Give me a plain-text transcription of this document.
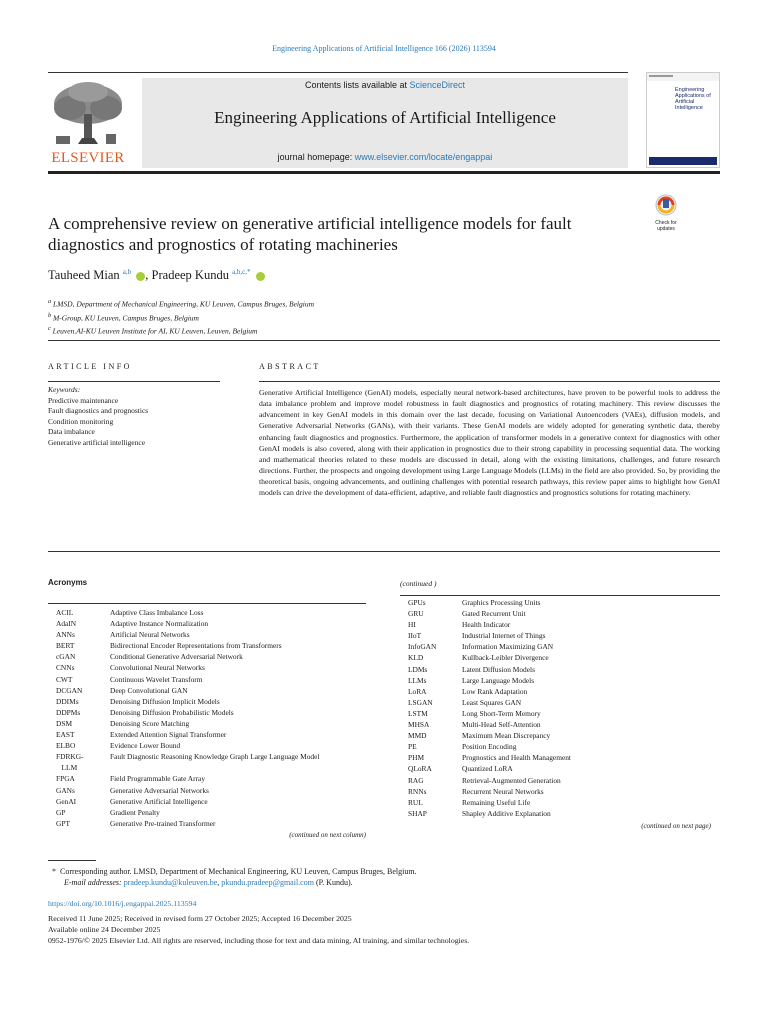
Engineering Applications of Artificial Intelligence 166 (2026) 113594
ELSEVIER
Contents lists available at ScienceDirect
Engineering Applications of Artificial Intelligence
journal homepage: www.elsevier.com/locate/engappai
Engineering Applications of Artificial Intelligence
A comprehensive review on generative artificial intelligence models for fault diagnostics and prognostics of rotating machineries
Check for updates
Tauheed Mian $^{a,b}$ , Pradeep Kundu $^{a,b,c,*}$
$^a$ LMSD, Department of Mechanical Engineering, KU Leuven, Campus Bruges, Belgium
$^b$ M-Group, KU Leuven, Campus Bruges, Belgium
$^c$ Leuven.AI-KU Leuven Institute for AI, KU Leuven, Leuven, Belgium
ARTICLE INFO
Keywords:
Predictive maintenance
Fault diagnostics and prognostics
Condition monitoring
Data imbalance
Generative artificial intelligence
ABSTRACT
Generative Artificial Intelligence (GenAI) models, especially neural network-based architectures, have proven to be powerful tools to address the data imbalance problem and improve model robustness in fault diagnostics and prognostics of rotating machinery. This review discusses the advancement in key GenAI models in this domain over the last decade, focusing on Variational Autoencoders (VAEs), diffusion models, and Generative Adversarial Networks (GANs), with their variants. These GenAI models are widely adopted for generating synthetic data, thereby enhancing fault diagnostics and prognostics. Furthermore, the application of transformer models in a generative context for diagnostics with other GenAI models is also covered, along with their application in prognostics due to their strong capability in processing sequential data. The working and mathematical theories related to these models are discussed in detail, along with the existing limitations, challenges, and future research directions. Further, the prospects and ongoing development using Large Language Models (LLMs) in the field are also provided. So, by providing the theoretical basis, ongoing advancements, and outlining challenges with potential research pathways, this review paper aims to highlight how GenAI models can drive the development of data-efficient, adaptive, and reliable fault diagnostics and prognostics solutions for rotating machinery.
Acronyms	(continued )
ACIL	Adaptive Class Imbalance Loss
AdaIN	Adaptive Instance Normalization
ANNs	Artificial Neural Networks
BERT	Bidirectional Encoder Representations from Transformers
cGAN	Conditional Generative Adversarial Network
CNNs	Convolutional Neural Networks
CWT	Continuous Wavelet Transform
DCGAN	Deep Convolutional GAN
DDIMs	Denoising Diffusion Implicit Models
DDPMs	Denoising Diffusion Probabilistic Models
DSM	Denoising Score Matching
EAST	Extended Attention Signal Transformer
ELBO	Evidence Lower Bound
FDRKG-	Fault Diagnostic Reasoning Knowledge Graph Large Language Model
LLM
FPGA	Field Programmable Gate Array
GANs	Generative Adversarial Networks
GenAI	Generative Artificial Intelligence
GP	Gradient Penalty
GPT	Generative Pre-trained Transformer
GPUs	Graphics Processing Units
GRU	Gated Recurrent Unit
HI	Health Indicator
IIoT	Industrial Internet of Things
InfoGAN	Information Maximizing GAN
KLD	Kullback-Leibler Divergence
LDMs	Latent Diffusion Models
LLMs	Large Language Models
LoRA	Low Rank Adaptation
LSGAN	Least Squares GAN
LSTM	Long Short-Term Memory
MHSA	Multi-Head Self-Attention
MMD	Maximum Mean Discrepancy
PE	Position Encoding
PHM	Prognostics and Health Management
QLoRA	Quantized LoRA
RAG	Retrieval-Augmented Generation
RNNs	Recurrent Neural Networks
RUL	Remaining Useful Life
SHAP	Shapley Additive Explanation
(continued on next column)
(continued on next page)
* Corresponding author. LMSD, Department of Mechanical Engineering, KU Leuven, Campus Bruges, Belgium.
E-mail addresses: pradeep.kundu@kuleuven.be, pkundu.pradeep@gmail.com (P. Kundu).
https://doi.org/10.1016/j.engappai.2025.113594
Received 11 June 2025; Received in revised form 27 October 2025; Accepted 16 December 2025
Available online 24 December 2025
0952-1976/© 2025 Elsevier Ltd. All rights are reserved, including those for text and data mining, AI training, and similar technologies.
